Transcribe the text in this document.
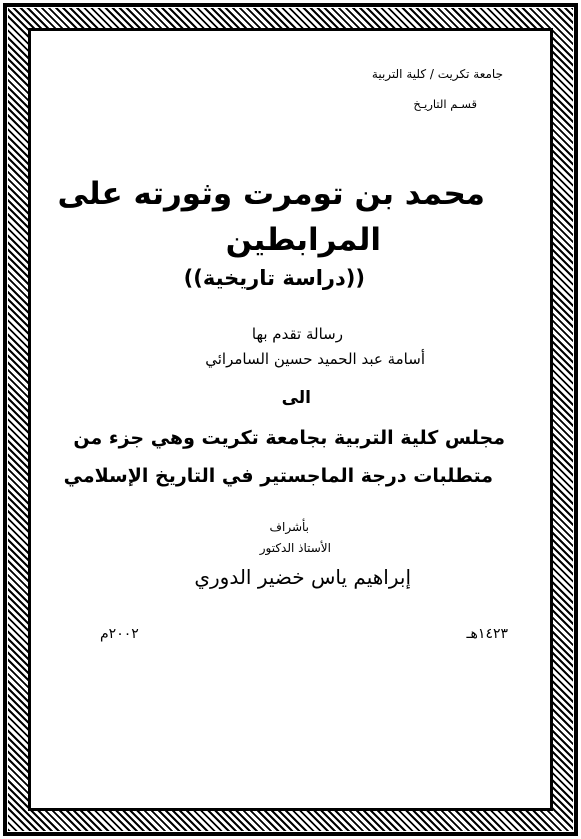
جامعة تكريت / كلية التربية
قسـم التاريـخ
محمد بن تومرت وثورته على
المرابطين
((دراسة تاريخية))
رسالة تقدم بها
أسامة عبد الحميد حسين السامرائي
الى
مجلس كلية التربية بجامعة تكريت وهي جزء من
متطلبات درجة الماجستير في التاريخ الإسلامي
بأشراف
الأستاذ الدكتور
إبراهيم ياس خضير الدوري
١٤٢٣هـ
٢٠٠٢م
